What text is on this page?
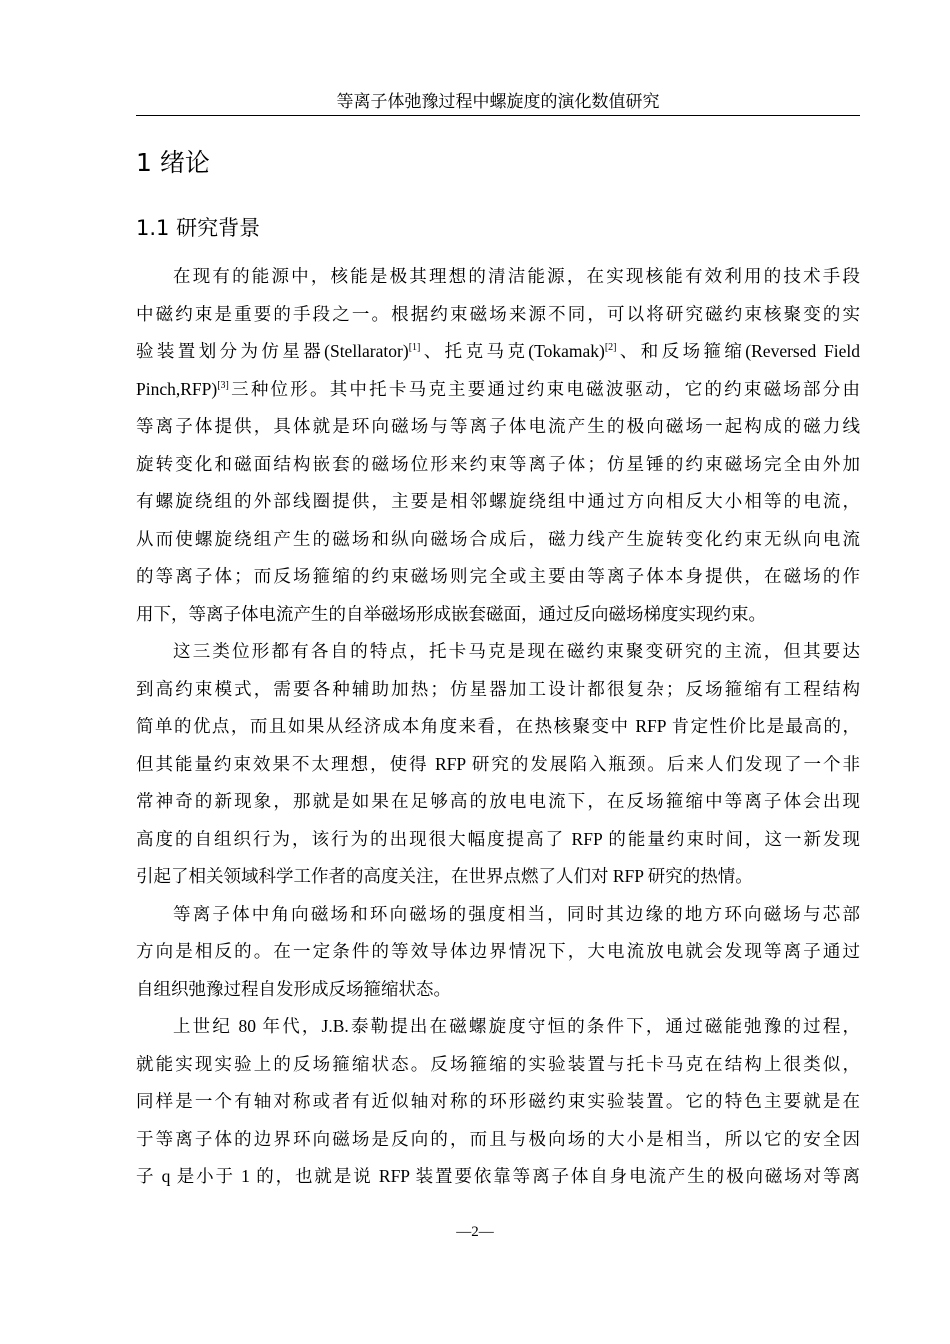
等离子体弛豫过程中螺旋度的演化数值研究
1 绪论
1.1 研究背景
在现有的能源中，核能是极其理想的清洁能源，在实现核能有效利用的技术手段
中磁约束是重要的手段之一。根据约束磁场来源不同，可以将研究磁约束核聚变的实
验装置划分为仿星器(Stellarator)[1]、托克马克(Tokamak)[2]、和反场箍缩(Reversed Field
Pinch,RFP)[3]三种位形。其中托卡马克主要通过约束电磁波驱动，它的约束磁场部分由
等离子体提供，具体就是环向磁场与等离子体电流产生的极向磁场一起构成的磁力线
旋转变化和磁面结构嵌套的磁场位形来约束等离子体；仿星锤的约束磁场完全由外加
有螺旋绕组的外部线圈提供，主要是相邻螺旋绕组中通过方向相反大小相等的电流，
从而使螺旋绕组产生的磁场和纵向磁场合成后，磁力线产生旋转变化约束无纵向电流
的等离子体；而反场箍缩的约束磁场则完全或主要由等离子体本身提供，在磁场的作
用下，等离子体电流产生的自举磁场形成嵌套磁面，通过反向磁场梯度实现约束。
这三类位形都有各自的特点，托卡马克是现在磁约束聚变研究的主流，但其要达
到高约束模式，需要各种辅助加热；仿星器加工设计都很复杂；反场箍缩有工程结构
简单的优点，而且如果从经济成本角度来看，在热核聚变中 RFP 肯定性价比是最高的，
但其能量约束效果不太理想，使得 RFP 研究的发展陷入瓶颈。后来人们发现了一个非
常神奇的新现象，那就是如果在足够高的放电电流下，在反场箍缩中等离子体会出现
高度的自组织行为，该行为的出现很大幅度提高了 RFP 的能量约束时间，这一新发现
引起了相关领域科学工作者的高度关注，在世界点燃了人们对 RFP 研究的热情。
等离子体中角向磁场和环向磁场的强度相当，同时其边缘的地方环向磁场与芯部
方向是相反的。在一定条件的等效导体边界情况下，大电流放电就会发现等离子通过
自组织弛豫过程自发形成反场箍缩状态。
上世纪 80 年代，J.B.泰勒提出在磁螺旋度守恒的条件下，通过磁能弛豫的过程，
就能实现实验上的反场箍缩状态。反场箍缩的实验装置与托卡马克在结构上很类似，
同样是一个有轴对称或者有近似轴对称的环形磁约束实验装置。它的特色主要就是在
于等离子体的边界环向磁场是反向的，而且与极向场的大小是相当，所以它的安全因
子 q 是小于 1 的，也就是说 RFP 装置要依靠等离子体自身电流产生的极向磁场对等离
—2—
